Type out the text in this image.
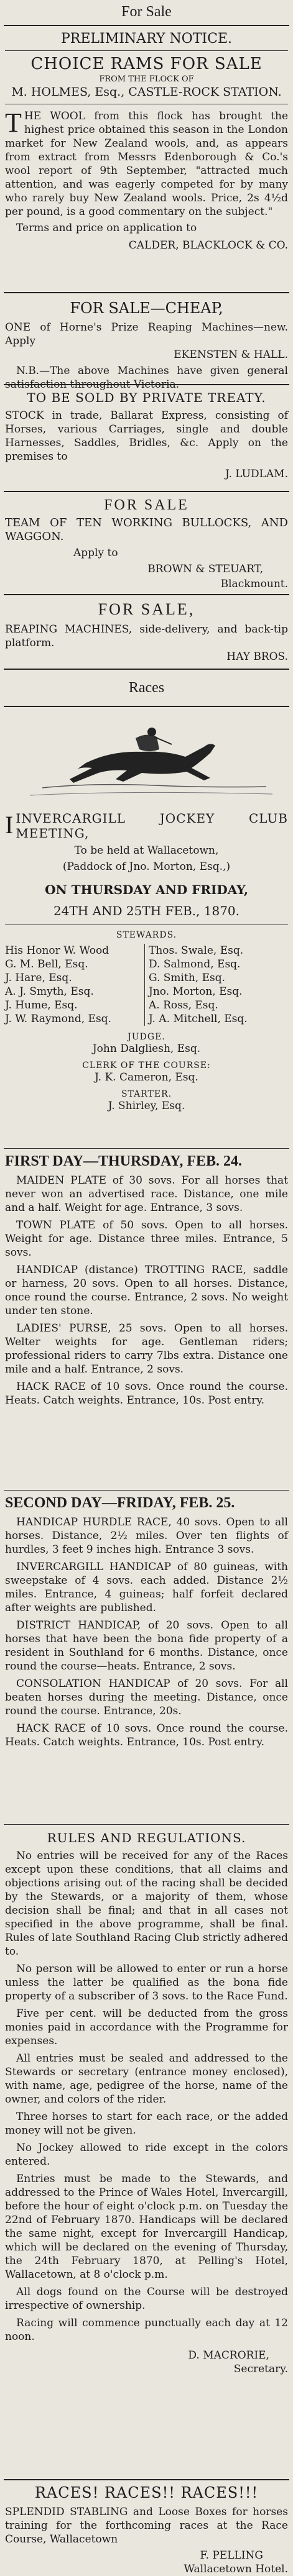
For Sale
PRELIMINARY NOTICE.
CHOICE RAMS FOR SALE
FROM THE FLOCK OF
M. HOLMES, Esq., CASTLE-ROCK STATION.

THE WOOL from this flock has brought the highest price obtained this season in the London market for New Zealand wools, and, as appears from extract from Messrs Edenborough & Co.'s wool report of 9th September, "attracted much attention, and was eagerly competed for by many who rarely buy New Zealand wools. Price, 2s 4½d per pound, is a good commentary on the subject."

Terms and price on application to
CALDER, BLACKLOCK & CO.
FOR SALE—CHEAP,

ONE of Horne's Prize Reaping Machines—new. Apply

EKENSTEN & HALL.

N.B.—The above Machines have given general satisfaction throughout Victoria.

TO BE SOLD BY PRIVATE TREATY.

STOCK in trade, Ballarat Express, consisting of Horses, various Carriages, single and double Harnesses, Saddles, Bridles, &c. Apply on the premises to

J. LUDLAM.
FOR SALE

TEAM OF TEN WORKING BULLOCKS, AND WAGGON.

Apply to
BROWN & STEUART,
Blackmount.
FOR SALE,

REAPING MACHINES, side-delivery, and back-tip platform.

HAY BROS.
Races

IINVERCARGILL JOCKEY CLUB MEETING,

To be held at Wallacetown,
(Paddock of Jno. Morton, Esq.,)
ON THURSDAY AND FRIDAY,
24TH AND 25TH FEB., 1870.
STEWARDS.
His Honor W. Wood
G. M. Bell, Esq.
J. Hare, Esq.
A. J. Smyth, Esq.
J. Hume, Esq.
J. W. Raymond, Esq.
Thos. Swale, Esq.
D. Salmond, Esq.
G. Smith, Esq.
Jno. Morton, Esq.
A. Ross, Esq.
J. A. Mitchell, Esq.
JUDGE.
John Dalgliesh, Esq.
CLERK OF THE COURSE:
J. K. Cameron, Esq.
STARTER.
J. Shirley, Esq.
FIRST DAY—THURSDAY, FEB. 24.

MAIDEN PLATE of 30 sovs. For all horses that never won an advertised race. Distance, one mile and a half. Weight for age. Entrance, 3 sovs.

TOWN PLATE of 50 sovs. Open to all horses. Weight for age. Distance three miles. Entrance, 5 sovs.

HANDICAP (distance) TROTTING RACE, saddle or harness, 20 sovs. Open to all horses. Distance, once round the course. Entrance, 2 sovs. No weight under ten stone.

LADIES' PURSE, 25 sovs. Open to all horses. Welter weights for age. Gentleman riders; professional riders to carry 7lbs extra. Distance one mile and a half. Entrance, 2 sovs.

HACK RACE of 10 sovs. Once round the course. Heats. Catch weights. Entrance, 10s. Post entry.

SECOND DAY—FRIDAY, FEB. 25.

HANDICAP HURDLE RACE, 40 sovs. Open to all horses. Distance, 2½ miles. Over ten flights of hurdles, 3 feet 9 inches high. Entrance 3 sovs.

INVERCARGILL HANDICAP of 80 guineas, with sweepstake of 4 sovs. each added. Distance 2½ miles. Entrance, 4 guineas; half forfeit declared after weights are published.

DISTRICT HANDICAP, of 20 sovs. Open to all horses that have been the bona fide property of a resident in Southland for 6 months. Distance, once round the course—heats. Entrance, 2 sovs.

CONSOLATION HANDICAP of 20 sovs. For all beaten horses during the meeting. Distance, once round the course. Entrance, 20s.

HACK RACE of 10 sovs. Once round the course. Heats. Catch weights. Entrance, 10s. Post entry.

RULES AND REGULATIONS.

No entries will be received for any of the Races except upon these conditions, that all claims and objections arising out of the racing shall be decided by the Stewards, or a majority of them, whose decision shall be final; and that in all cases not specified in the above programme, shall be final. Rules of late Southland Racing Club strictly adhered to.

No person will be allowed to enter or run a horse unless the latter be qualified as the bona fide property of a subscriber of 3 sovs. to the Race Fund.

Five per cent. will be deducted from the gross monies paid in accordance with the Programme for expenses.

All entries must be sealed and addressed to the Stewards or secretary (entrance money enclosed), with name, age, pedigree of the horse, name of the owner, and colors of the rider.

Three horses to start for each race, or the added money will not be given.

No Jockey allowed to ride except in the colors entered.

Entries must be made to the Stewards, and addressed to the Prince of Wales Hotel, Invercargill, before the hour of eight o'clock p.m. on Tuesday the 22nd of February 1870. Handicaps will be declared the same night, except for Invercargill Handicap, which will be declared on the evening of Thursday, the 24th February 1870, at Pelling's Hotel, Wallacetown, at 8 o'clock p.m.

All dogs found on the Course will be destroyed irrespective of ownership.

Racing will commence punctually each day at 12 noon.

D. MACRORIE,
Secretary.
RACES! RACES!! RACES!!!

SPLENDID STABLING and Loose Boxes for horses training for the forthcoming races at the Race Course, Wallacetown

F. PELLING
Wallacetown Hotel.
